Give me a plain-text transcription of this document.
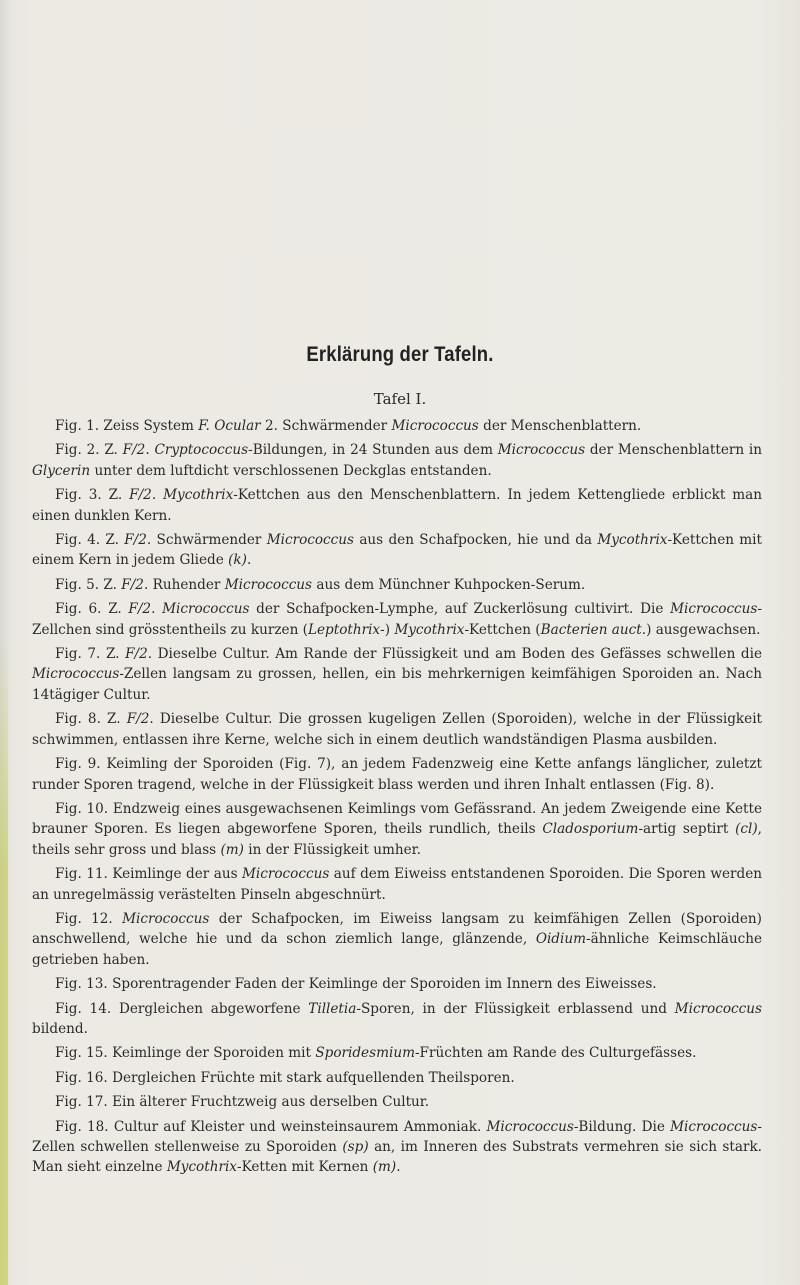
Erklärung der Tafeln.
Tafel I.

Fig. 1. Zeiss System F. Ocular 2. Schwärmender Micrococcus der Menschenblattern.

Fig. 2. Z. F/2. Cryptococcus-Bildungen, in 24 Stunden aus dem Micrococcus der Menschenblattern in Glycerin unter dem luftdicht verschlossenen Deckglas entstanden.

Fig. 3. Z. F/2. Mycothrix-Kettchen aus den Menschenblattern. In jedem Kettengliede erblickt man einen dunklen Kern.

Fig. 4. Z. F/2. Schwärmender Micrococcus aus den Schafpocken, hie und da Mycothrix-Kettchen mit einem Kern in jedem Gliede (k).

Fig. 5. Z. F/2. Ruhender Micrococcus aus dem Münchner Kuhpocken-Serum.

Fig. 6. Z. F/2. Micrococcus der Schafpocken-Lymphe, auf Zuckerlösung cultivirt. Die Micrococcus-Zellchen sind grösstentheils zu kurzen (Leptothrix-) Mycothrix-Kettchen (Bacterien auct.) ausgewachsen.

Fig. 7. Z. F/2. Dieselbe Cultur. Am Rande der Flüssigkeit und am Boden des Gefässes schwellen die Micrococcus-Zellen langsam zu grossen, hellen, ein bis mehrkernigen keimfähigen Sporoiden an. Nach 14tägiger Cultur.

Fig. 8. Z. F/2. Dieselbe Cultur. Die grossen kugeligen Zellen (Sporoiden), welche in der Flüssigkeit schwimmen, entlassen ihre Kerne, welche sich in einem deutlich wandständigen Plasma ausbilden.

Fig. 9. Keimling der Sporoiden (Fig. 7), an jedem Fadenzweig eine Kette anfangs länglicher, zuletzt runder Sporen tragend, welche in der Flüssigkeit blass werden und ihren Inhalt entlassen (Fig. 8).

Fig. 10. Endzweig eines ausgewachsenen Keimlings vom Gefässrand. An jedem Zweigende eine Kette brauner Sporen. Es liegen abgeworfene Sporen, theils rundlich, theils Cladosporium-artig septirt (cl), theils sehr gross und blass (m) in der Flüssigkeit umher.

Fig. 11. Keimlinge der aus Micrococcus auf dem Eiweiss entstandenen Sporoiden. Die Sporen werden an unregelmässig verästelten Pinseln abgeschnürt.

Fig. 12. Micrococcus der Schafpocken, im Eiweiss langsam zu keimfähigen Zellen (Sporoiden) anschwellend, welche hie und da schon ziemlich lange, glänzende, Oidium-ähnliche Keimschläuche getrieben haben.

Fig. 13. Sporentragender Faden der Keimlinge der Sporoiden im Innern des Eiweisses.

Fig. 14. Dergleichen abgeworfene Tilletia-Sporen, in der Flüssigkeit erblassend und Micrococcus bildend.

Fig. 15. Keimlinge der Sporoiden mit Sporidesmium-Früchten am Rande des Culturgefässes.

Fig. 16. Dergleichen Früchte mit stark aufquellenden Theilsporen.

Fig. 17. Ein älterer Fruchtzweig aus derselben Cultur.

Fig. 18. Cultur auf Kleister und weinsteinsaurem Ammoniak. Micrococcus-Bildung. Die Micrococcus-Zellen schwellen stellenweise zu Sporoiden (sp) an, im Inneren des Substrats vermehren sie sich stark. Man sieht einzelne Mycothrix-Ketten mit Kernen (m).
